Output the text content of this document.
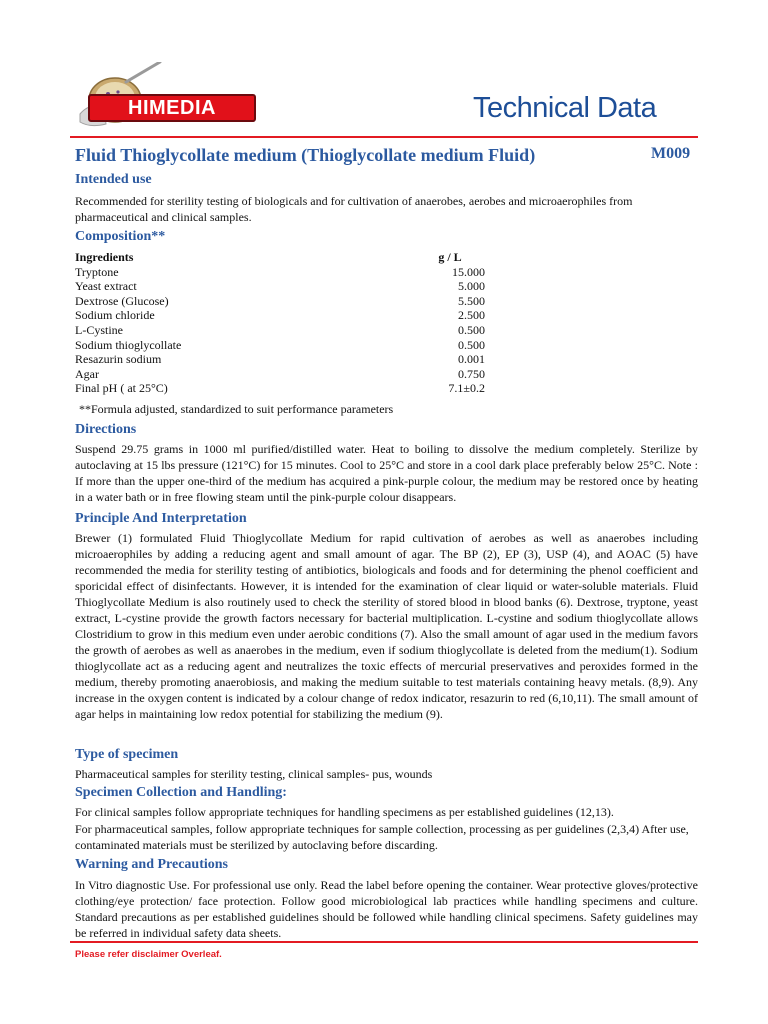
HIMEDIA	Technical Data
Fluid Thioglycollate medium (Thioglycollate medium Fluid)	M009
Intended use
Recommended for sterility testing of biologicals and for cultivation of anaerobes, aerobes and microaerophiles from pharmaceutical and clinical samples.
Composition**
Ingredients	g / L
Tryptone	15.000
Yeast extract	5.000
Dextrose (Glucose)	5.500
Sodium chloride	2.500
L-Cystine	0.500
Sodium thioglycollate	0.500
Resazurin sodium	0.001
Agar	0.750
Final pH ( at 25°C)	7.1±0.2
**Formula adjusted, standardized to suit performance parameters
Directions
Suspend 29.75 grams in 1000 ml purified/distilled water. Heat to boiling to dissolve the medium completely. Sterilize by autoclaving at 15 lbs pressure (121°C) for 15 minutes. Cool to 25°C and store in a cool dark place preferably below 25°C. Note : If more than the upper one-third of the medium has acquired a pink-purple colour, the medium may be restored once by heating in a water bath or in free flowing steam until the pink-purple colour disappears.
Principle And Interpretation
Brewer (1) formulated Fluid Thioglycollate Medium for rapid cultivation of aerobes as well as anaerobes including microaerophiles by adding a reducing agent and small amount of agar. The BP (2), EP (3), USP (4), and AOAC (5) have recommended the media for sterility testing of antibiotics, biologicals and foods and for determining the phenol coefficient and sporicidal effect of disinfectants. However, it is intended for the examination of clear liquid or water-soluble materials. Fluid Thioglycollate Medium is also routinely used to check the sterility of stored blood in blood banks (6). Dextrose, tryptone, yeast extract, L-cystine provide the growth factors necessary for bacterial multiplication. L-cystine and sodium thioglycollate allows Clostridium to grow in this medium even under aerobic conditions (7). Also the small amount of agar used in the medium favors the growth of aerobes as well as anaerobes in the medium, even if sodium thioglycollate is deleted from the medium(1). Sodium thioglycollate act as a reducing agent and neutralizes the toxic effects of mercurial preservatives and peroxides formed in the medium, thereby promoting anaerobiosis, and making the medium suitable to test materials containing heavy metals. (8,9). Any increase in the oxygen content is indicated by a colour change of redox indicator, resazurin to red (6,10,11). The small amount of agar helps in maintaining low redox potential for stabilizing the medium (9).
Type of specimen
Pharmaceutical samples for sterility testing, clinical samples- pus, wounds
Specimen Collection and Handling:
For clinical samples follow appropriate techniques for handling specimens as per established guidelines (12,13).
For pharmaceutical samples, follow appropriate techniques for sample collection, processing as per guidelines (2,3,4) After use, contaminated materials must be sterilized by autoclaving before discarding.
Warning and Precautions
In Vitro diagnostic Use. For professional use only. Read the label before opening the container. Wear protective gloves/protective clothing/eye protection/ face protection. Follow good microbiological lab practices while handling specimens and culture. Standard precautions as per established guidelines should be followed while handling clinical specimens. Safety guidelines may be referred in individual safety data sheets.
Please refer disclaimer Overleaf.
